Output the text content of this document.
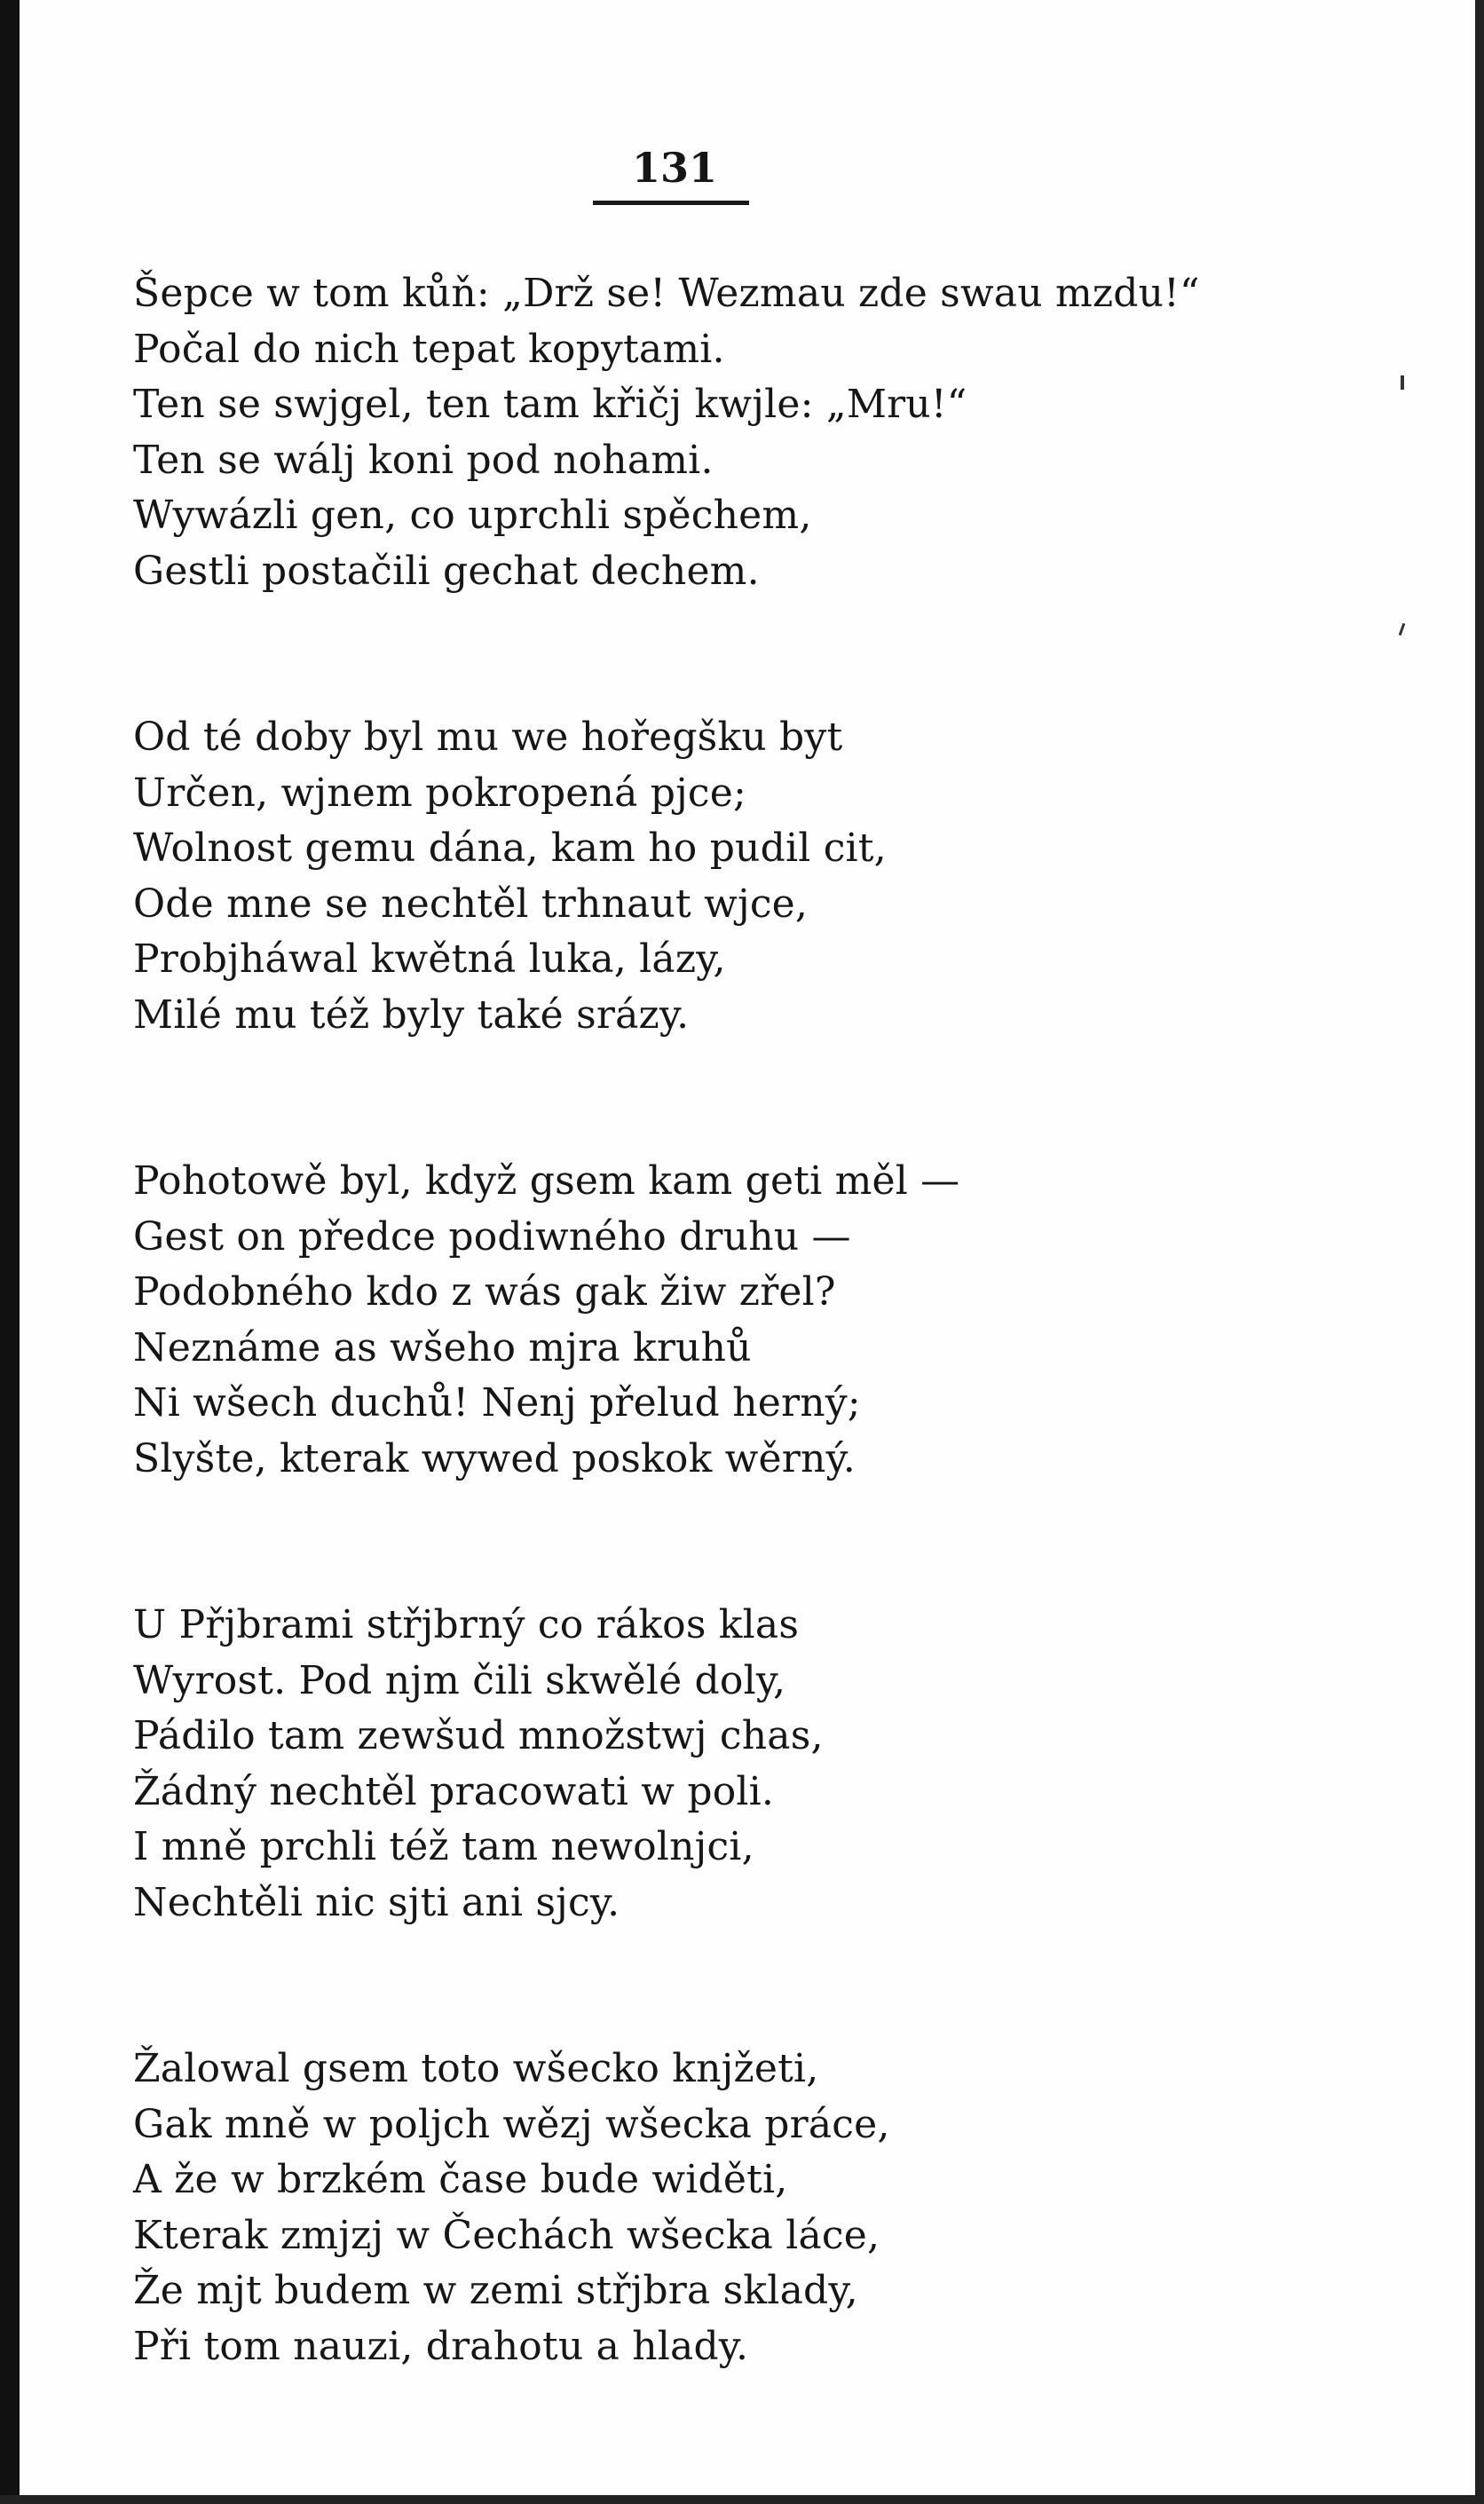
131
Šepce w tom kůň: „Drž se! Wezmau zde swau mzdu!“
Počal do nich tepat kopytami.
Ten se swjgel, ten tam křičj kwjle: „Mru!“
Ten se wálj koni pod nohami.
Wywázli gen, co uprchli spěchem,
Gestli postačili gechat dechem.
Od té doby byl mu we hořegšku byt
Určen, wjnem pokropená pjce;
Wolnost gemu dána, kam ho pudil cit,
Ode mne se nechtěl trhnaut wjce,
Probjháwal kwětná luka, lázy,
Milé mu též byly také srázy.
Pohotowě byl, když gsem kam geti měl —
Gest on předce podiwného druhu —
Podobného kdo z wás gak žiw zřel?
Neznáme as wšeho mjra kruhů
Ni wšech duchů! Nenj přelud herný;
Slyšte, kterak wywed poskok wěrný.
U Přjbrami střjbrný co rákos klas
Wyrost. Pod njm čili skwělé doly,
Pádilo tam zewšud množstwj chas,
Žádný nechtěl pracowati w poli.
I mně prchli též tam newolnjci,
Nechtěli nic sjti ani sjcy.
Žalowal gsem toto wšecko knjžeti,
Gak mně w poljch wězj wšecka práce,
A že w brzkém čase bude widěti,
Kterak zmjzj w Čechách wšecka láce,
Že mjt budem w zemi střjbra sklady,
Při tom nauzi, drahotu a hlady.
